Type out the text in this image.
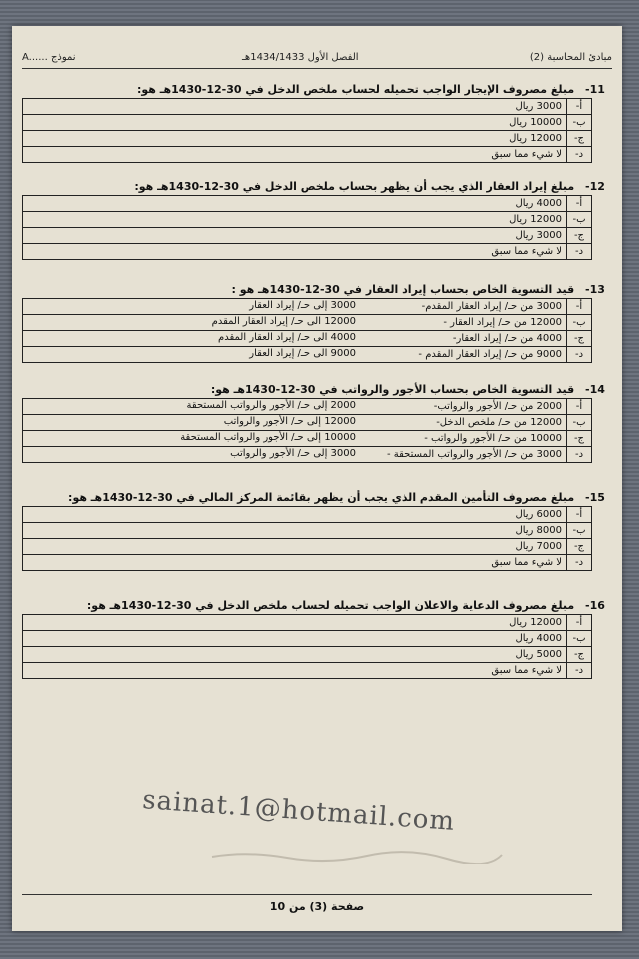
مبادئ المحاسبة (2)
الفصل الأول 1434/1433هـ
A...... نموذج
11- مبلغ مصروف الإيجار الواجب تحميله لحساب ملخص الدخل في 30-12-1430هـ هو:
أ-	3000 ريال
ب-	10000 ريال
ج-	12000 ريال
د-	لا شيء مما سبق
12- مبلغ إيراد العقار الذي يجب أن يظهر بحساب ملخص الدخل في 30-12-1430هـ هو:
أ-	4000 ريال
ب-	12000 ريال
ج-	3000 ريال
د-	لا شيء مما سبق
13- قيد التسوية الخاص بحساب إيراد العقار في 30-12-1430هـ هو :
أ-	3000 من حـ/ إيراد العقار المقدم-
3000 إلى حـ/ إيراد العقار

ب-	12000 من حـ/ إيراد العقار -
12000 الى حـ/ إيراد العقار المقدم

ج-	4000 من حـ/ إيراد العقار-
4000 الى حـ/ إيراد العقار المقدم

د-	9000 من حـ/ إيراد العقار المقدم -
9000 الى حـ/ إيراد العقار
14- قيد التسوية الخاص بحساب الأجور والرواتب في 30-12-1430هـ هو:
أ-	2000 من حـ/ الأجور والرواتب-
2000 إلى حـ/ الأجور والرواتب المستحقة

ب-	12000 من حـ/ ملخص الدخل-
12000 إلى حـ/ الأجور والرواتب

ج-	10000 من حـ/ الأجور والرواتب -
10000 إلى حـ/ الأجور والرواتب المستحقة

د-	3000 من حـ/ الأجور والرواتب المستحقة -
3000 إلى حـ/ الأجور والرواتب
15- مبلغ مصروف التأمين المقدم الذي يجب أن يظهر بقائمة المركز المالي في 30-12-1430هـ هو:
أ-	6000 ريال
ب-	8000 ريال
ج-	7000 ريال
د-	لا شيء مما سبق
16- مبلغ مصروف الدعاية والاعلان الواجب تحميله لحساب ملخص الدخل في 30-12-1430هـ هو:
أ-	12000 ريال
ب-	4000 ريال
ج-	5000 ريال
د-	لا شيء مما سبق
sainat.1@hotmail.com
صفحة (3) من 10
